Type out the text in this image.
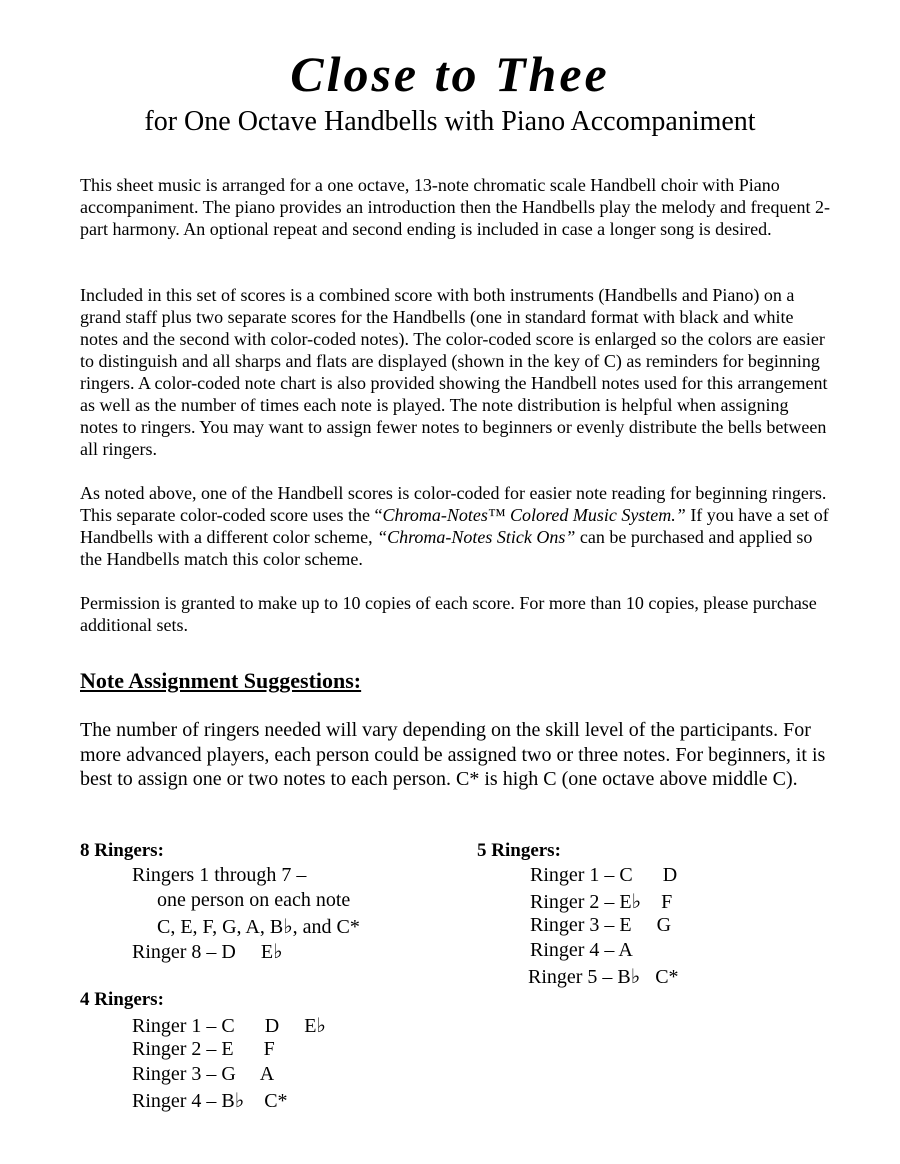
Close to Thee
for One Octave Handbells with Piano Accompaniment

This sheet music is arranged for a one octave, 13-note chromatic scale Handbell choir with Piano accompaniment. The piano provides an introduction then the Handbells play the melody and frequent 2-part harmony. An optional repeat and second ending is included in case a longer song is desired.

Included in this set of scores is a combined score with both instruments (Handbells and Piano) on a grand staff plus two separate scores for the Handbells (one in standard format with black and white notes and the second with color-coded notes). The color-coded score is enlarged so the colors are easier to distinguish and all sharps and flats are displayed (shown in the key of C) as reminders for beginning ringers. A color-coded note chart is also provided showing the Handbell notes used for this arrangement as well as the number of times each note is played. The note distribution is helpful when assigning notes to ringers. You may want to assign fewer notes to beginners or evenly distribute the bells between all ringers.

As noted above, one of the Handbell scores is color-coded for easier note reading for beginning ringers. This separate color-coded score uses the “Chroma-Notes™ Colored Music System.” If you have a set of Handbells with a different color scheme, “Chroma-Notes Stick Ons” can be purchased and applied so the Handbells match this color scheme.

Permission is granted to make up to 10 copies of each score. For more than 10 copies, please purchase additional sets.

Note Assignment Suggestions:

The number of ringers needed will vary depending on the skill level of the participants. For more advanced players, each person could be assigned two or three notes. For beginners, it is best to assign one or two notes to each person. C* is high C (one octave above middle C).

8 Ringers:
Ringers 1 through 7 –
one person on each note
C, E, F, G, A, B♭, and C*
Ringer 8 – D     E♭
5 Ringers:
Ringer 1 – C      D
Ringer 2 – E♭    F
Ringer 3 – E     G
Ringer 4 – A
Ringer 5 – B♭   C*
4 Ringers:
Ringer 1 – C      D     E♭
Ringer 2 – E      F
Ringer 3 – G     A
Ringer 4 – B♭    C*
